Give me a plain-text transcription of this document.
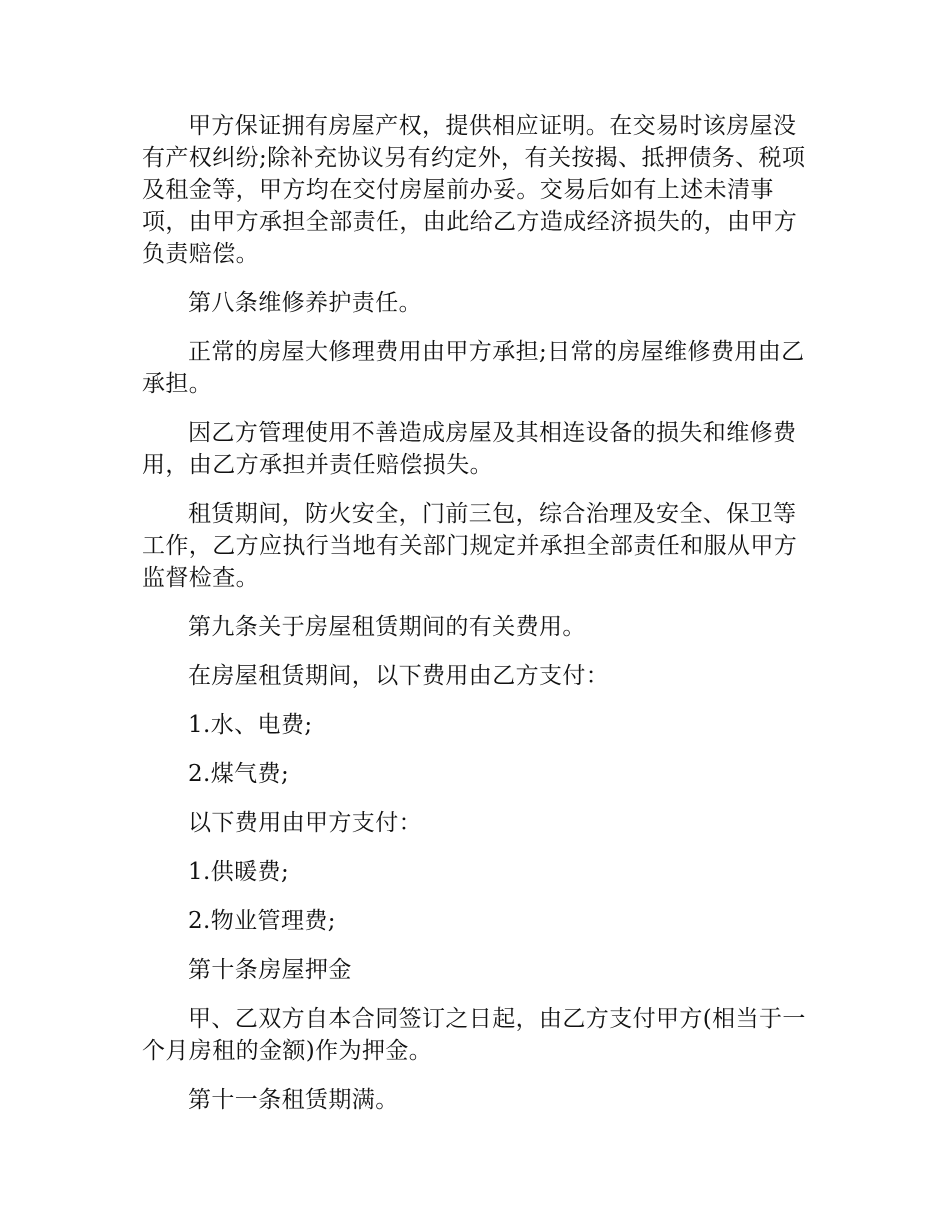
甲方保证拥有房屋产权，提供相应证明。在交易时该房屋没有产权纠纷;除补充协议另有约定外，有关按揭、抵押债务、税项及租金等，甲方均在交付房屋前办妥。交易后如有上述未清事项，由甲方承担全部责任，由此给乙方造成经济损失的，由甲方负责赔偿。

第八条维修养护责任。

正常的房屋大修理费用由甲方承担;日常的房屋维修费用由乙承担。

因乙方管理使用不善造成房屋及其相连设备的损失和维修费用，由乙方承担并责任赔偿损失。

租赁期间，防火安全，门前三包，综合治理及安全、保卫等工作，乙方应执行当地有关部门规定并承担全部责任和服从甲方监督检查。

第九条关于房屋租赁期间的有关费用。

在房屋租赁期间，以下费用由乙方支付：

1.水、电费;

2.煤气费;

以下费用由甲方支付：

1.供暖费;

2.物业管理费;

第十条房屋押金

甲、乙双方自本合同签订之日起，由乙方支付甲方(相当于一个月房租的金额)作为押金。

第十一条租赁期满。
